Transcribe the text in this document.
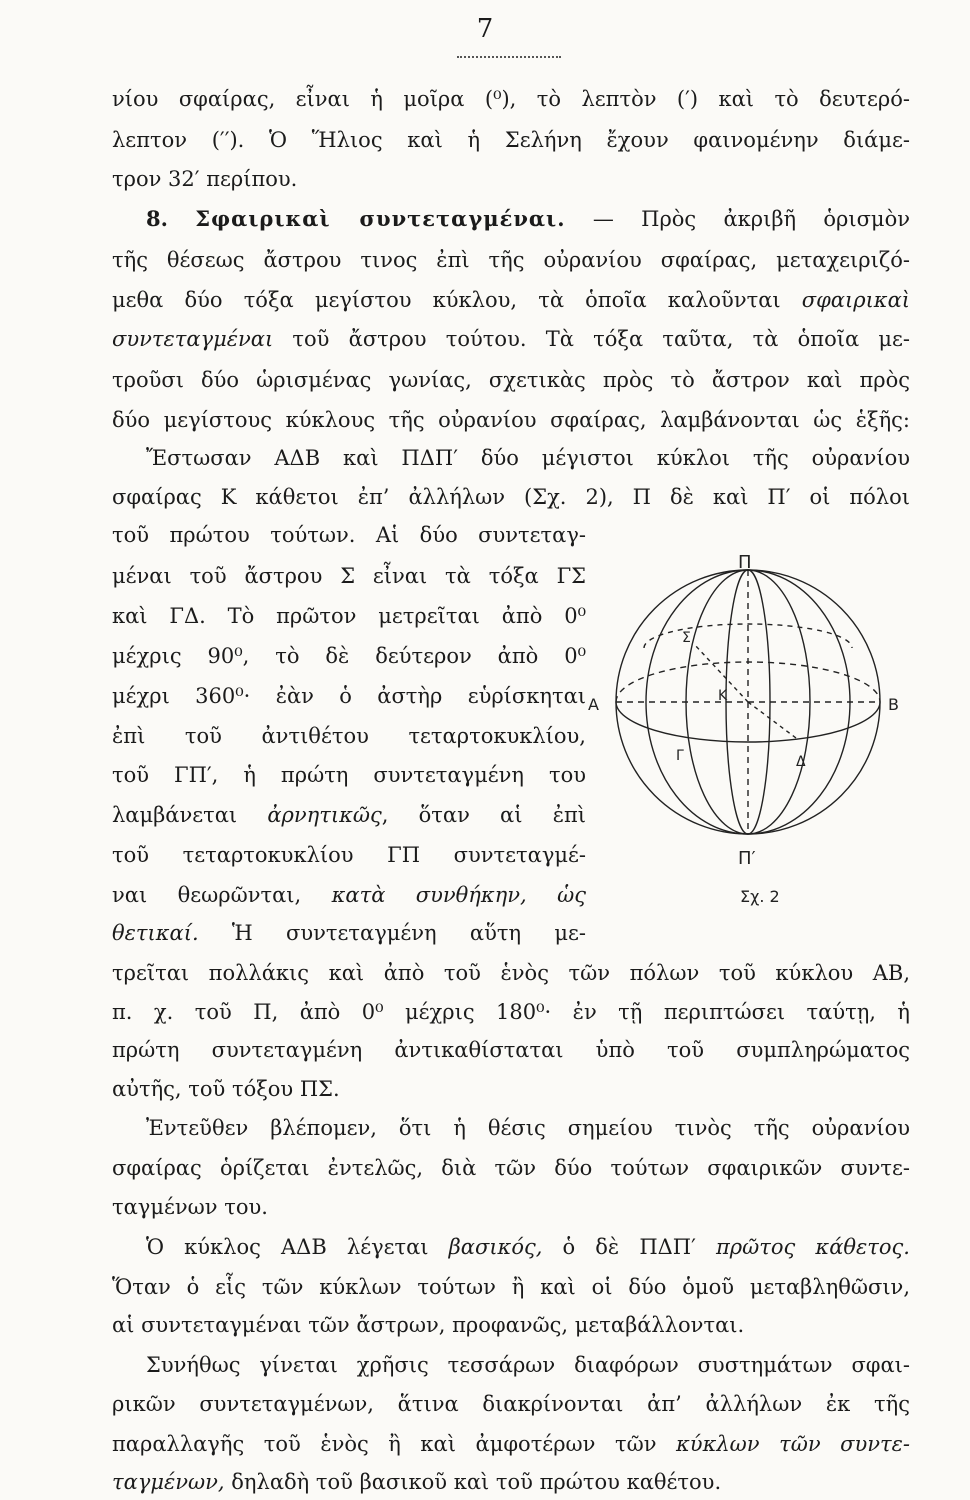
7
νίου σφαίρας, εἶναι ἡ μοῖρα (⁰), τὸ λεπτὸν (′) καὶ τὸ δευτερό-
λεπτον (′′). Ὁ Ἥλιος καὶ ἡ Σελήνη ἔχουν φαινομένην διάμε-
τρον 32′ περίπου.
8. Σφαιρικαὶ συντεταγμέναι. — Πρὸς ἀκριβῆ ὁρισμὸν
τῆς θέσεως ἄστρου τινος ἐπὶ τῆς οὐρανίου σφαίρας, μεταχειριζό-
μεθα δύο τόξα μεγίστου κύκλου, τὰ ὁποῖα καλοῦνται σφαιρικαὶ
συντεταγμέναι τοῦ ἄστρου τούτου. Τὰ τόξα ταῦτα, τὰ ὁποῖα με-
τροῦσι δύο ὡρισμένας γωνίας, σχετικὰς πρὸς τὸ ἄστρον καὶ πρὸς
δύο μεγίστους κύκλους τῆς οὐρανίου σφαίρας, λαμβάνονται ὡς ἑξῆς:
Ἔστωσαν ΑΔΒ καὶ ΠΔΠ′ δύο μέγιστοι κύκλοι τῆς οὐρανίου
σφαίρας Κ κάθετοι ἐπ’ ἀλλήλων (Σχ. 2), Π δὲ καὶ Π′ οἱ πόλοι
τοῦ πρώτου τούτων. Αἱ δύο συντεταγ-
μέναι τοῦ ἄστρου Σ εἶναι τὰ τόξα ΓΣ
καὶ ΓΔ. Τὸ πρῶτον μετρεῖται ἀπὸ 0⁰
μέχρις 90⁰, τὸ δὲ δεύτερον ἀπὸ 0⁰
μέχρι 360⁰· ἐὰν ὁ ἀστὴρ εὑρίσκηται
ἐπὶ τοῦ ἀντιθέτου τεταρτοκυκλίου,
τοῦ ΓΠ′, ἡ πρώτη συντεταγμένη του
λαμβάνεται ἀρνητικῶς, ὅταν αἱ ἐπὶ
τοῦ τεταρτοκυκλίου ΓΠ συντεταγμέ-
ναι θεωρῶνται, κατὰ συνθήκην, ὡς
θετικαί. Ἡ συντεταγμένη αὕτη με-
τρεῖται πολλάκις καὶ ἀπὸ τοῦ ἑνὸς τῶν πόλων τοῦ κύκλου ΑΒ,
π. χ. τοῦ Π, ἀπὸ 0⁰ μέχρις 180⁰· ἐν τῇ περιπτώσει ταύτῃ, ἡ
πρώτη συντεταγμένη ἀντικαθίσταται ὑπὸ τοῦ συμπληρώματος
αὐτῆς, τοῦ τόξου ΠΣ.
Ἐντεῦθεν βλέπομεν, ὅτι ἡ θέσις σημείου τινὸς τῆς οὐρανίου
σφαίρας ὁρίζεται ἐντελῶς, διὰ τῶν δύο τούτων σφαιρικῶν συντε-
ταγμένων του.
Ὁ κύκλος ΑΔΒ λέγεται βασικός, ὁ δὲ ΠΔΠ′ πρῶτος κάθετος.
Ὅταν ὁ εἷς τῶν κύκλων τούτων ἢ καὶ οἱ δύο ὁμοῦ μεταβληθῶσιν,
αἱ συντεταγμέναι τῶν ἄστρων, προφανῶς, μεταβάλλονται.
Συνήθως γίνεται χρῆσις τεσσάρων διαφόρων συστημάτων σφαι-
ρικῶν συντεταγμένων, ἅτινα διακρίνονται ἀπ’ ἀλλήλων ἐκ τῆς
παραλλαγῆς τοῦ ἑνὸς ἢ καὶ ἀμφοτέρων τῶν κύκλων τῶν συντε-
ταγμένων, δηλαδὴ τοῦ βασικοῦ καὶ τοῦ πρώτου καθέτου.
Π
Π′
Α	Β
Κ
Σ
Γ	Δ
Σχ. 2
